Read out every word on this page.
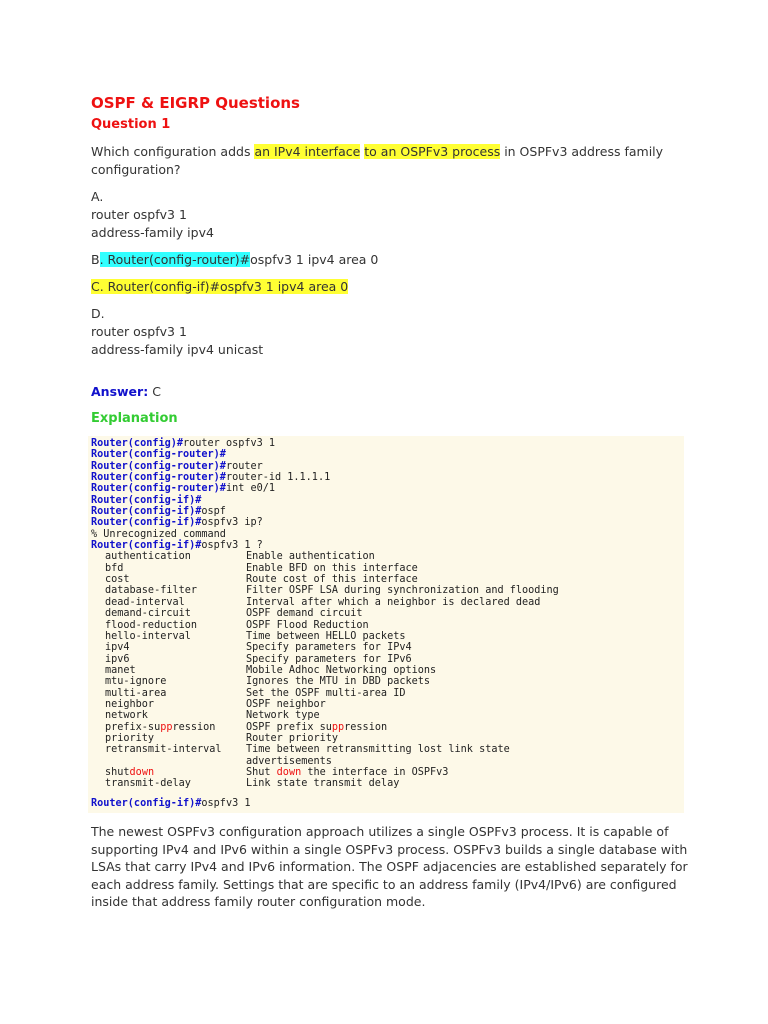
OSPF & EIGRP Questions
Question 1
Which configuration adds an IPv4 interface to an OSPFv3 process in OSPFv3 address family configuration?
A.
router ospfv3 1
address-family ipv4
B. Router(config-router)#ospfv3 1 ipv4 area 0
C. Router(config-if)#ospfv3 1 ipv4 area 0
D.
router ospfv3 1
address-family ipv4 unicast
Answer: C
Explanation
Router(config)#router ospfv3 1
Router(config-router)#
Router(config-router)#router
Router(config-router)#router-id 1.1.1.1
Router(config-router)#int e0/1
Router(config-if)#
Router(config-if)#ospf
Router(config-if)#ospfv3 ip?
% Unrecognized command
Router(config-if)#ospfv3 1 ?
authentication	Enable authentication
bfd	Enable BFD on this interface
cost	Route cost of this interface
database-filter	Filter OSPF LSA during synchronization and flooding
dead-interval	Interval after which a neighbor is declared dead
demand-circuit	OSPF demand circuit
flood-reduction	OSPF Flood Reduction
hello-interval	Time between HELLO packets
ipv4	Specify parameters for IPv4
ipv6	Specify parameters for IPv6
manet	Mobile Adhoc Networking options
mtu-ignore	Ignores the MTU in DBD packets
multi-area	Set the OSPF multi-area ID
neighbor	OSPF neighbor
network	Network type
prefix-suppression	OSPF prefix suppression
priority	Router priority
retransmit-interval Time between retransmitting lost link state
advertisements
shutdown	Shut down the interface in OSPFv3
transmit-delay	Link state transmit delay
Router(config-if)#ospfv3 1
The newest OSPFv3 configuration approach utilizes a single OSPFv3 process. It is capable of supporting IPv4 and IPv6 within a single OSPFv3 process. OSPFv3 builds a single database with LSAs that carry IPv4 and IPv6 information. The OSPF adjacencies are established separately for each address family. Settings that are specific to an address family (IPv4/IPv6) are configured inside that address family router configuration mode.
